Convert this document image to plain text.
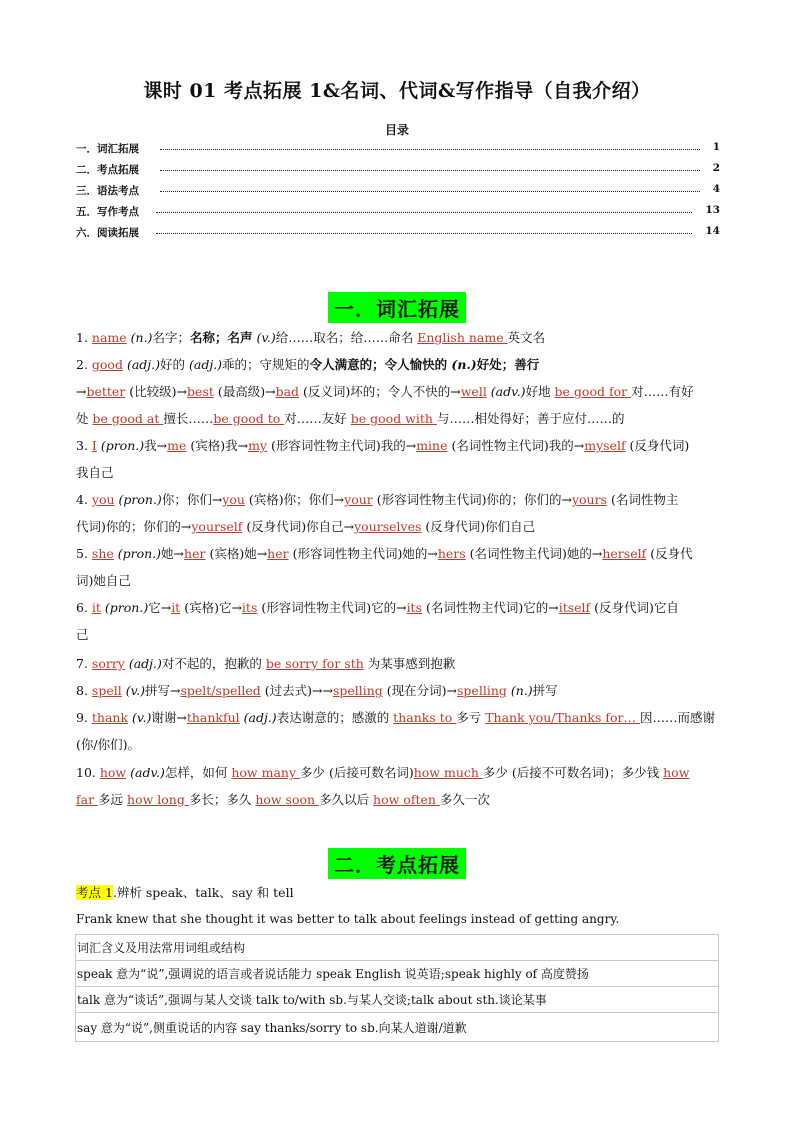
课时 01 考点拓展 1&名词、代词&写作指导（自我介绍）
目录
一．词汇拓展	1
二．考点拓展	2
三．语法考点	4
五．写作考点	13
六．阅读拓展	14
一．词汇拓展
1. name (n.)名字；名称；名声 (v.)给……取名；给……命名 English name 英文名
2. good (adj.)好的 (adj.)乖的；守规矩的令人满意的；令人愉快的 (n.)好处；善行
→better (比较级)→best (最高级)→bad (反义词)坏的；令人不快的→well (adv.)好地 be good for 对……有好
处 be good at 擅长……be good to 对……友好 be good with 与……相处得好；善于应付……的
3. I (pron.)我→me (宾格)我→my (形容词性物主代词)我的→mine (名词性物主代词)我的→myself (反身代词)
我自己
4. you (pron.)你；你们→you (宾格)你；你们→your (形容词性物主代词)你的；你们的→yours (名词性物主
代词)你的；你们的→yourself (反身代词)你自己→yourselves (反身代词)你们自己
5. she (pron.)她→her (宾格)她→her (形容词性物主代词)她的→hers (名词性物主代词)她的→herself (反身代
词)她自己
6. it (pron.)它→it (宾格)它→its (形容词性物主代词)它的→its (名词性物主代词)它的→itself (反身代词)它自
己
7. sorry (adj.)对不起的，抱歉的 be sorry for sth 为某事感到抱歉
8. spell (v.)拼写→spelt/spelled (过去式)→→spelling (现在分词)→spelling (n.)拼写
9. thank (v.)谢谢→thankful (adj.)表达谢意的；感激的 thanks to 多亏 Thank you/Thanks for… 因……而感谢
(你/你们)。
10. how (adv.)怎样，如何 how many 多少 (后接可数名词)how much 多少 (后接不可数名词)；多少钱 how
far 多远 how long 多长；多久 how soon 多久以后 how often 多久一次
二．考点拓展
考点 1.辨析 speak、talk、say 和 tell
Frank knew that she thought it was better to talk about feelings instead of getting angry.
词汇含义及用法常用词组或结构
speak 意为“说”,强调说的语言或者说话能力 speak English 说英语;speak highly of 高度赞扬
talk 意为“谈话”,强调与某人交谈 talk to/with sb.与某人交谈;talk about sth.谈论某事
say 意为“说”,侧重说话的内容 say thanks/sorry to sb.向某人道谢/道歉
